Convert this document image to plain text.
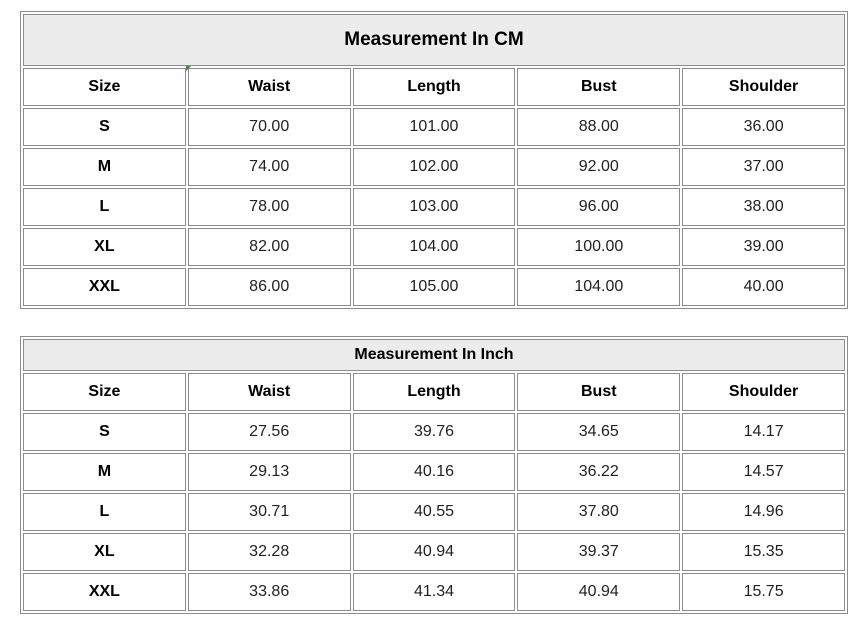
Measurement In CM				
Size	Waist	Length	Bust	Shoulder
S	70.00	101.00	88.00	36.00
M	74.00	102.00	92.00	37.00
L	78.00	103.00	96.00	38.00
XL	82.00	104.00	100.00	39.00
XXL	86.00	105.00	104.00	40.00
Measurement In Inch				
Size	Waist	Length	Bust	Shoulder
S	27.56	39.76	34.65	14.17
M	29.13	40.16	36.22	14.57
L	30.71	40.55	37.80	14.96
XL	32.28	40.94	39.37	15.35
XXL	33.86	41.34	40.94	15.75
